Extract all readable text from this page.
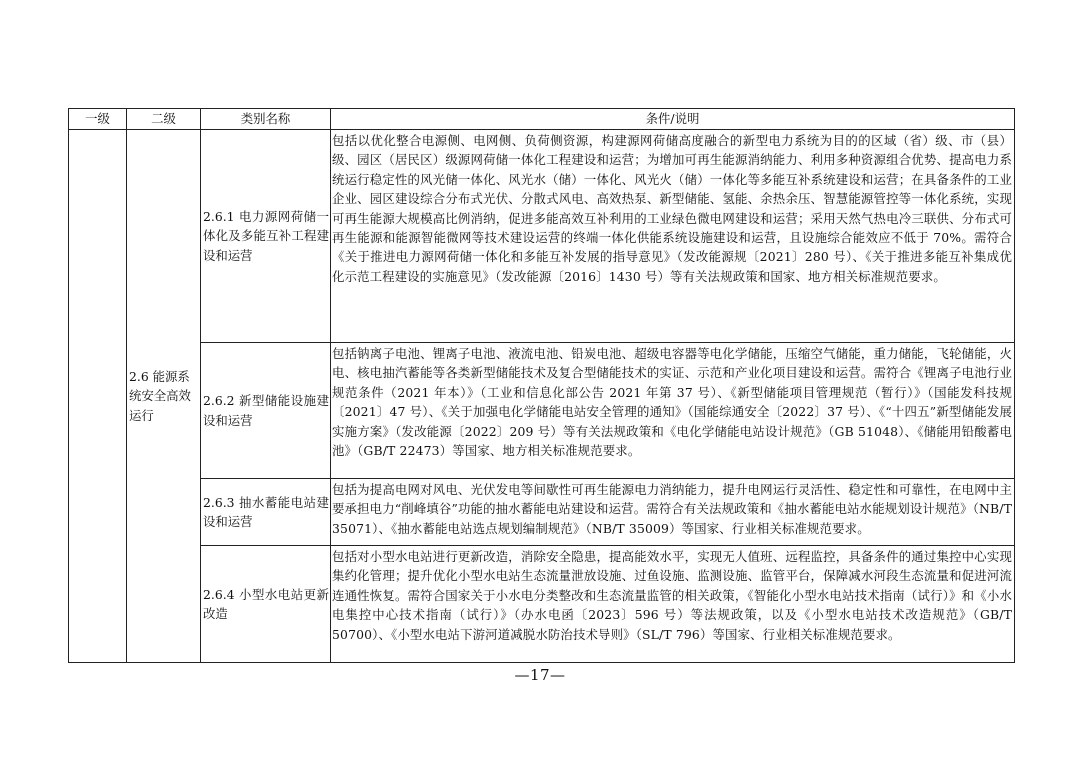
一级	二级	类别名称	条件/说明
	2.6 能源系统安全高效运行	2.6.1 电力源网荷储一体化及多能互补工程建设和运营	包括以优化整合电源侧、电网侧、负荷侧资源，构建源网荷储高度融合的新型电力系统为目的的区域（省）级、市（县）级、园区（居民区）级源网荷储一体化工程建设和运营；为增加可再生能源消纳能力、利用多种资源组合优势、提高电力系统运行稳定性的风光储一体化、风光水（储）一体化、风光火（储）一体化等多能互补系统建设和运营；在具备条件的工业企业、园区建设综合分布式光伏、分散式风电、高效热泵、新型储能、氢能、余热余压、智慧能源管控等一体化系统，实现可再生能源大规模高比例消纳，促进多能高效互补利用的工业绿色微电网建设和运营；采用天然气热电冷三联供、分布式可再生能源和能源智能微网等技术建设运营的终端一体化供能系统设施建设和运营，且设施综合能效应不低于 70%。需符合《关于推进电力源网荷储一体化和多能互补发展的指导意见》（发改能源规〔2021〕280 号）、《关于推进多能互补集成优化示范工程建设的实施意见》（发改能源〔2016〕1430 号）等有关法规政策和国家、地方相关标准规范要求。
		2.6.2 新型储能设施建设和运营	包括钠离子电池、锂离子电池、液流电池、铅炭电池、超级电容器等电化学储能，压缩空气储能，重力储能，飞轮储能，火电、核电抽汽蓄能等各类新型储能技术及复合型储能技术的实证、示范和产业化项目建设和运营。需符合《锂离子电池行业规范条件（2021 年本）》（工业和信息化部公告 2021 年第 37 号）、《新型储能项目管理规范（暂行）》（国能发科技规〔2021〕47 号）、《关于加强电化学储能电站安全管理的通知》（国能综通安全〔2022〕37 号）、《“十四五”新型储能发展实施方案》（发改能源〔2022〕209 号）等有关法规政策和《电化学储能电站设计规范》（GB 51048）、《储能用铅酸蓄电池》（GB/T 22473）等国家、地方相关标准规范要求。
		2.6.3 抽水蓄能电站建设和运营	包括为提高电网对风电、光伏发电等间歇性可再生能源电力消纳能力，提升电网运行灵活性、稳定性和可靠性，在电网中主要承担电力“削峰填谷”功能的抽水蓄能电站建设和运营。需符合有关法规政策和《抽水蓄能电站水能规划设计规范》（NB/T 35071）、《抽水蓄能电站选点规划编制规范》（NB/T 35009）等国家、行业相关标准规范要求。
		2.6.4 小型水电站更新改造	包括对小型水电站进行更新改造，消除安全隐患，提高能效水平，实现无人值班、远程监控，具备条件的通过集控中心实现集约化管理；提升优化小型水电站生态流量泄放设施、过鱼设施、监测设施、监管平台，保障减水河段生态流量和促进河流连通性恢复。需符合国家关于小水电分类整改和生态流量监管的相关政策，《智能化小型水电站技术指南（试行）》和《小水电集控中心技术指南（试行）》（办水电函〔2023〕596 号）等法规政策，以及《小型水电站技术改造规范》（GB/T 50700）、《小型水电站下游河道减脱水防治技术导则》（SL/T 796）等国家、行业相关标准规范要求。
—17—
